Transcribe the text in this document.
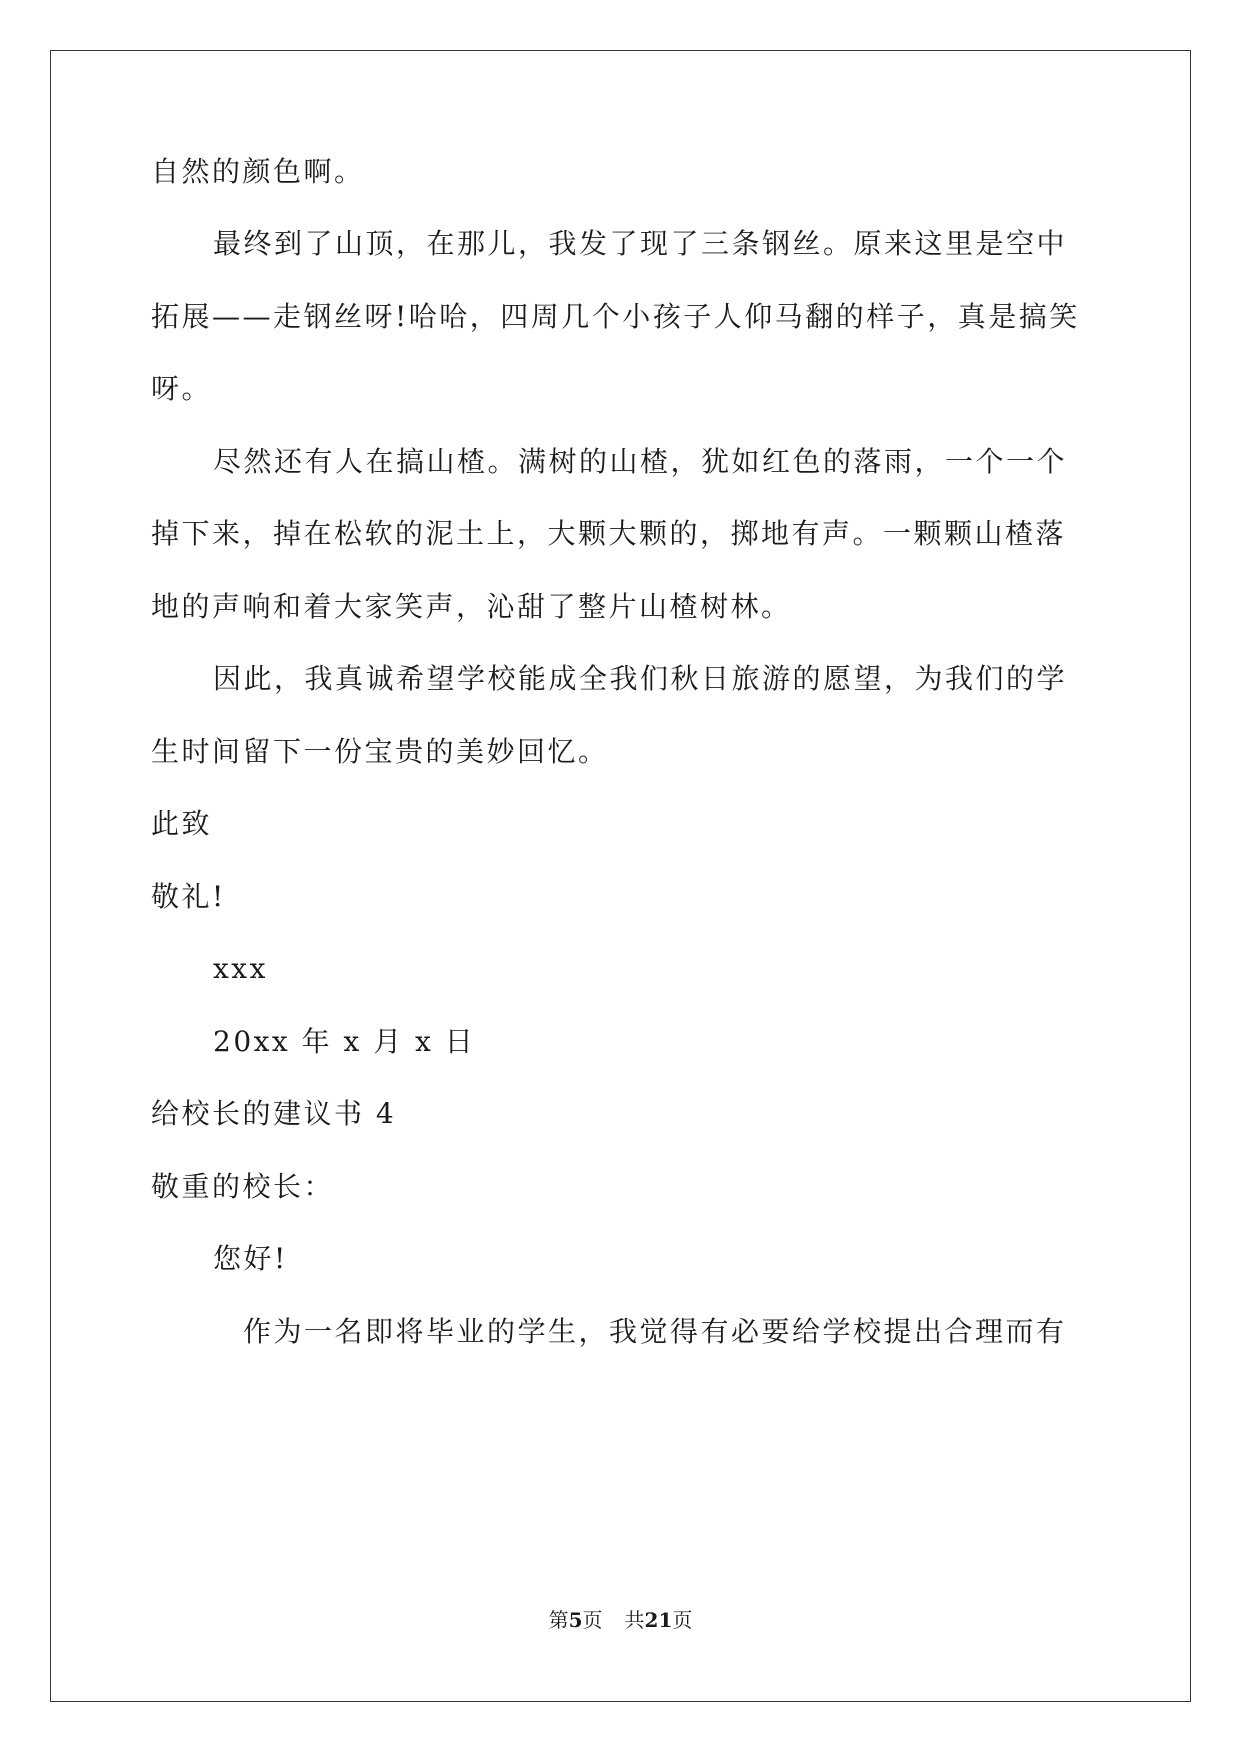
自然的颜色啊。
最终到了山顶，在那儿，我发了现了三条钢丝。原来这里是空中
拓展——走钢丝呀!哈哈，四周几个小孩子人仰马翻的样子，真是搞笑
呀。
尽然还有人在搞山楂。满树的山楂，犹如红色的落雨，一个一个
掉下来，掉在松软的泥土上，大颗大颗的，掷地有声。一颗颗山楂落
地的声响和着大家笑声，沁甜了整片山楂树林。
因此，我真诚希望学校能成全我们秋日旅游的愿望，为我们的学
生时间留下一份宝贵的美妙回忆。
此致
敬礼!
xxx
20xx 年 x 月 x 日
给校长的建议书 4
敬重的校长：
您好!
作为一名即将毕业的学生，我觉得有必要给学校提出合理而有
第5页 共21页
